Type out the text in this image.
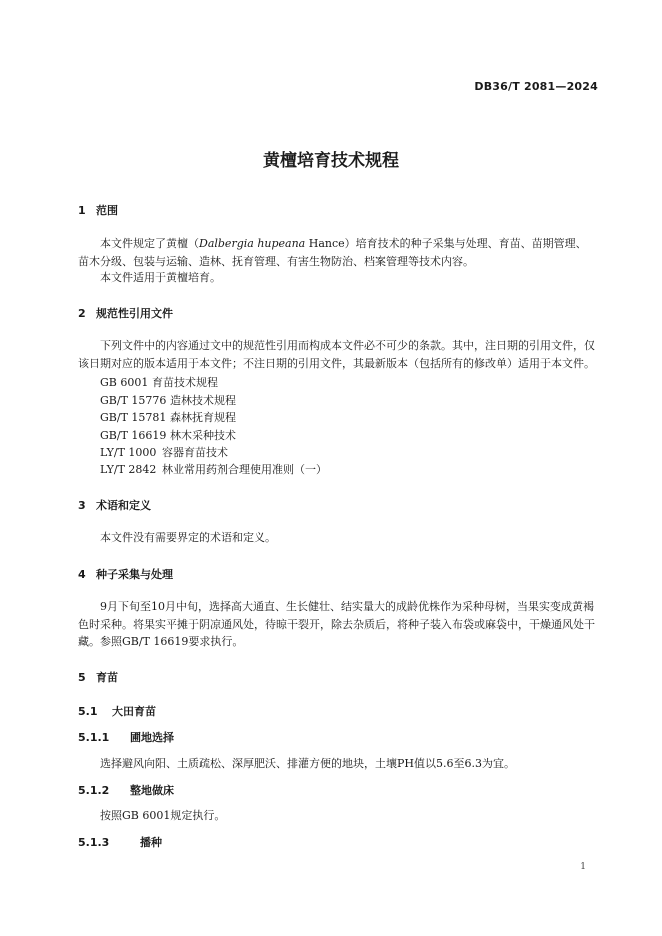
DB36/T 2081—2024
黄檀培育技术规程
1 范围
本文件规定了黄檀（Dalbergia hupeana Hance）培育技术的种子采集与处理、育苗、苗期管理、
苗木分级、包装与运输、造林、抚育管理、有害生物防治、档案管理等技术内容。
本文件适用于黄檀培育。
2 规范性引用文件
下列文件中的内容通过文中的规范性引用而构成本文件必不可少的条款。其中，注日期的引用文件，仅
该日期对应的版本适用于本文件；不注日期的引用文件，其最新版本（包括所有的修改单）适用于本文件。
GB 6001 育苗技术规程
GB/T 15776 造林技术规程
GB/T 15781 森林抚育规程
GB/T 16619 林木采种技术
LY/T 1000 容器育苗技术
LY/T 2842 林业常用药剂合理使用准则（一）
3 术语和定义
本文件没有需要界定的术语和定义。
4 种子采集与处理
9月下旬至10月中旬，选择高大通直、生长健壮、结实量大的成龄优株作为采种母树，当果实变成黄褐
色时采种。将果实平摊于阴凉通风处，待晾干裂开，除去杂质后，将种子装入布袋或麻袋中，干燥通风处干
藏。参照GB/T 16619要求执行。
5 育苗
5.1 大田育苗
5.1.1 圃地选择
选择避风向阳、土质疏松、深厚肥沃、排灌方便的地块，土壤PH值以5.6至6.3为宜。
5.1.2 整地做床
按照GB 6001规定执行。
5.1.3	播种
1
